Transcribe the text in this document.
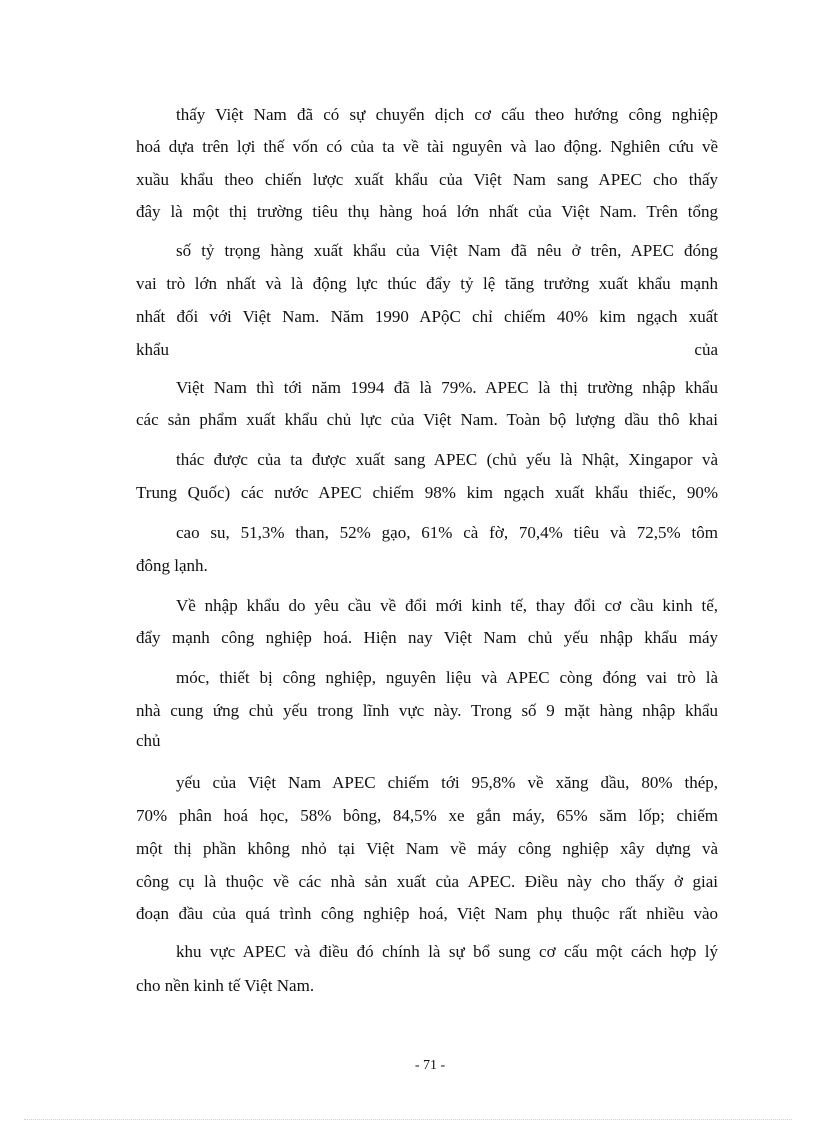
thấy Việt Nam đã có sự chuyển dịch cơ cấu theo hướng công nghiệp
hoá dựa trên lợi thế vốn có của ta về tài nguyên và lao động. Nghiên cứu về
xuầu khẩu theo chiến lược xuất khẩu của Việt Nam sang APEC cho thấy
đây là một thị trường tiêu thụ hàng hoá lớn nhất của Việt Nam. Trên tổng
số tỷ trọng hàng xuất khẩu của Việt Nam đã nêu ở trên, APEC đóng
vai trò lớn nhất và là động lực thúc đẩy tỷ lệ tăng trưởng xuất khẩu mạnh
nhất đối với Việt Nam. Năm 1990 APộC chỉ chiếm 40% kim ngạch xuất
khẩu của
Việt Nam thì tới năm 1994 đã là 79%. APEC là thị trường nhập khẩu
các sản phẩm xuất khẩu chủ lực của Việt Nam. Toàn bộ lượng dầu thô khai
thác được của ta được xuất sang APEC (chủ yếu là Nhật, Xingapor và
Trung Quốc) các nước APEC chiếm 98% kim ngạch xuất khẩu thiếc, 90%
cao su, 51,3% than, 52% gạo, 61% cà fờ, 70,4% tiêu và 72,5% tôm
đông lạnh.
Về nhập khẩu do yêu cầu về đổi mới kinh tế, thay đổi cơ cầu kinh tế,
đẩy mạnh công nghiệp hoá. Hiện nay Việt Nam chủ yếu nhập khẩu máy
móc, thiết bị công nghiệp, nguyên liệu và APEC còng đóng vai trò là
nhà cung ứng chủ yếu trong lĩnh vực này. Trong số 9 mặt hàng nhập khẩu
chủ
yếu của Việt Nam APEC chiếm tới 95,8% về xăng dầu, 80% thép,
70% phân hoá học, 58% bông, 84,5% xe gắn máy, 65% săm lốp; chiếm
một thị phần không nhỏ tại Việt Nam về máy công nghiệp xây dựng và
công cụ là thuộc về các nhà sản xuất của APEC. Điều này cho thấy ở giai
đoạn đầu của quá trình công nghiệp hoá, Việt Nam phụ thuộc rất nhiều vào
khu vực APEC và điều đó chính là sự bổ sung cơ cấu một cách hợp lý
cho nền kinh tế Việt Nam.
- 71 -
